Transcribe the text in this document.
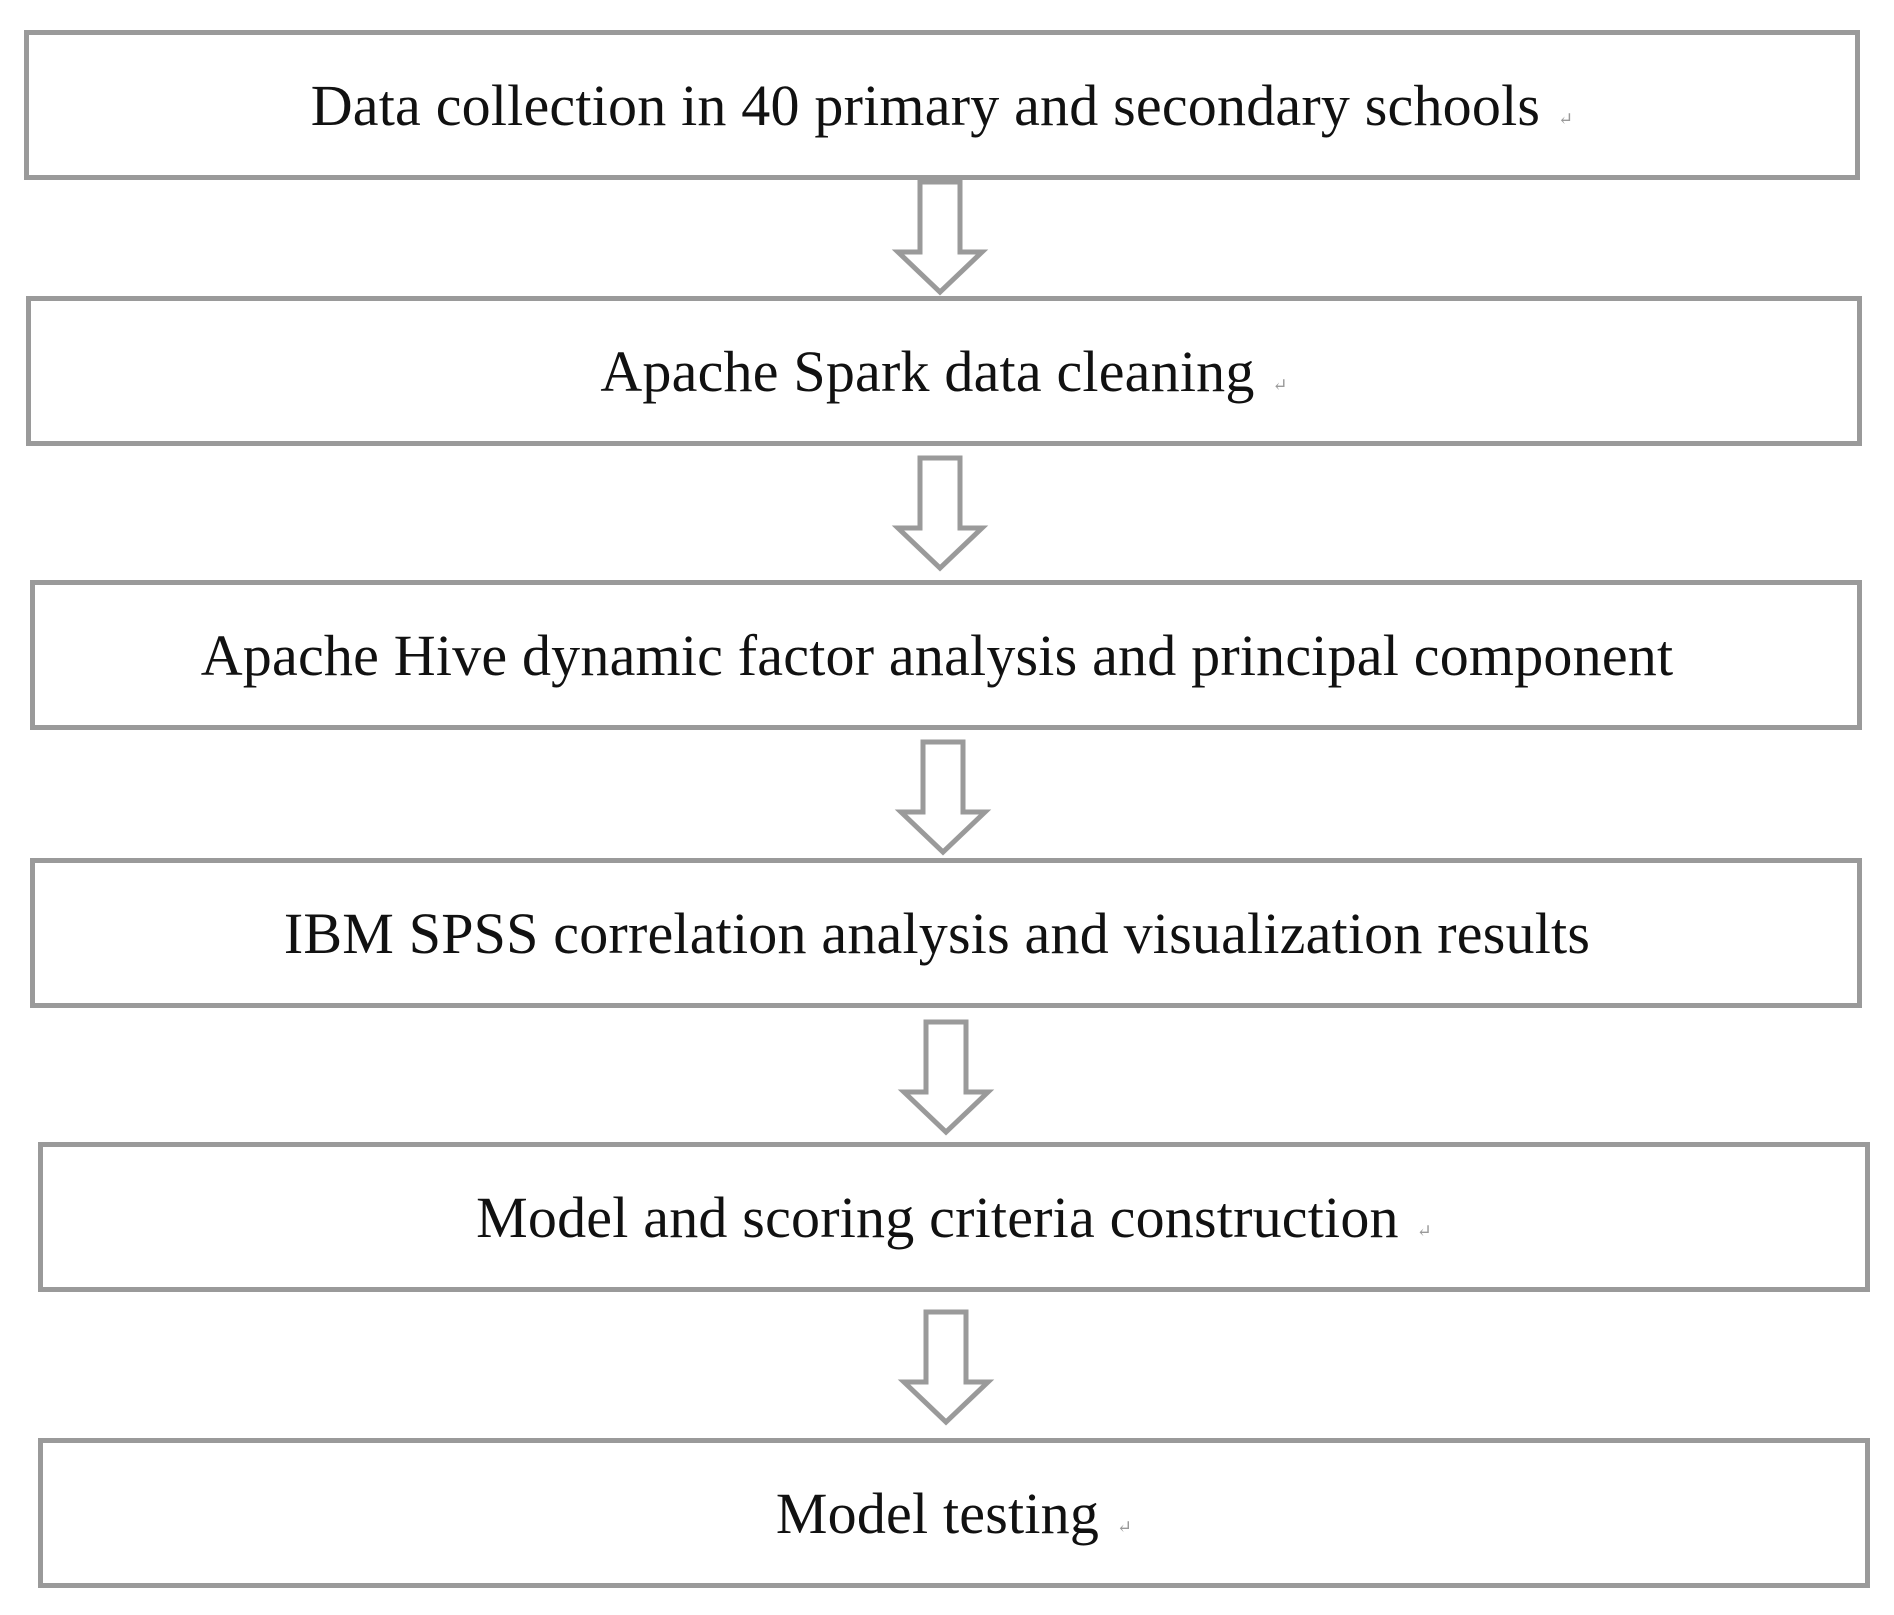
Data collection in 40 primary and secondary schools ↵
Apache Spark data cleaning ↵
Apache Hive dynamic factor analysis and principal component
IBM SPSS correlation analysis and visualization results
Model and scoring criteria construction ↵
Model testing ↵
